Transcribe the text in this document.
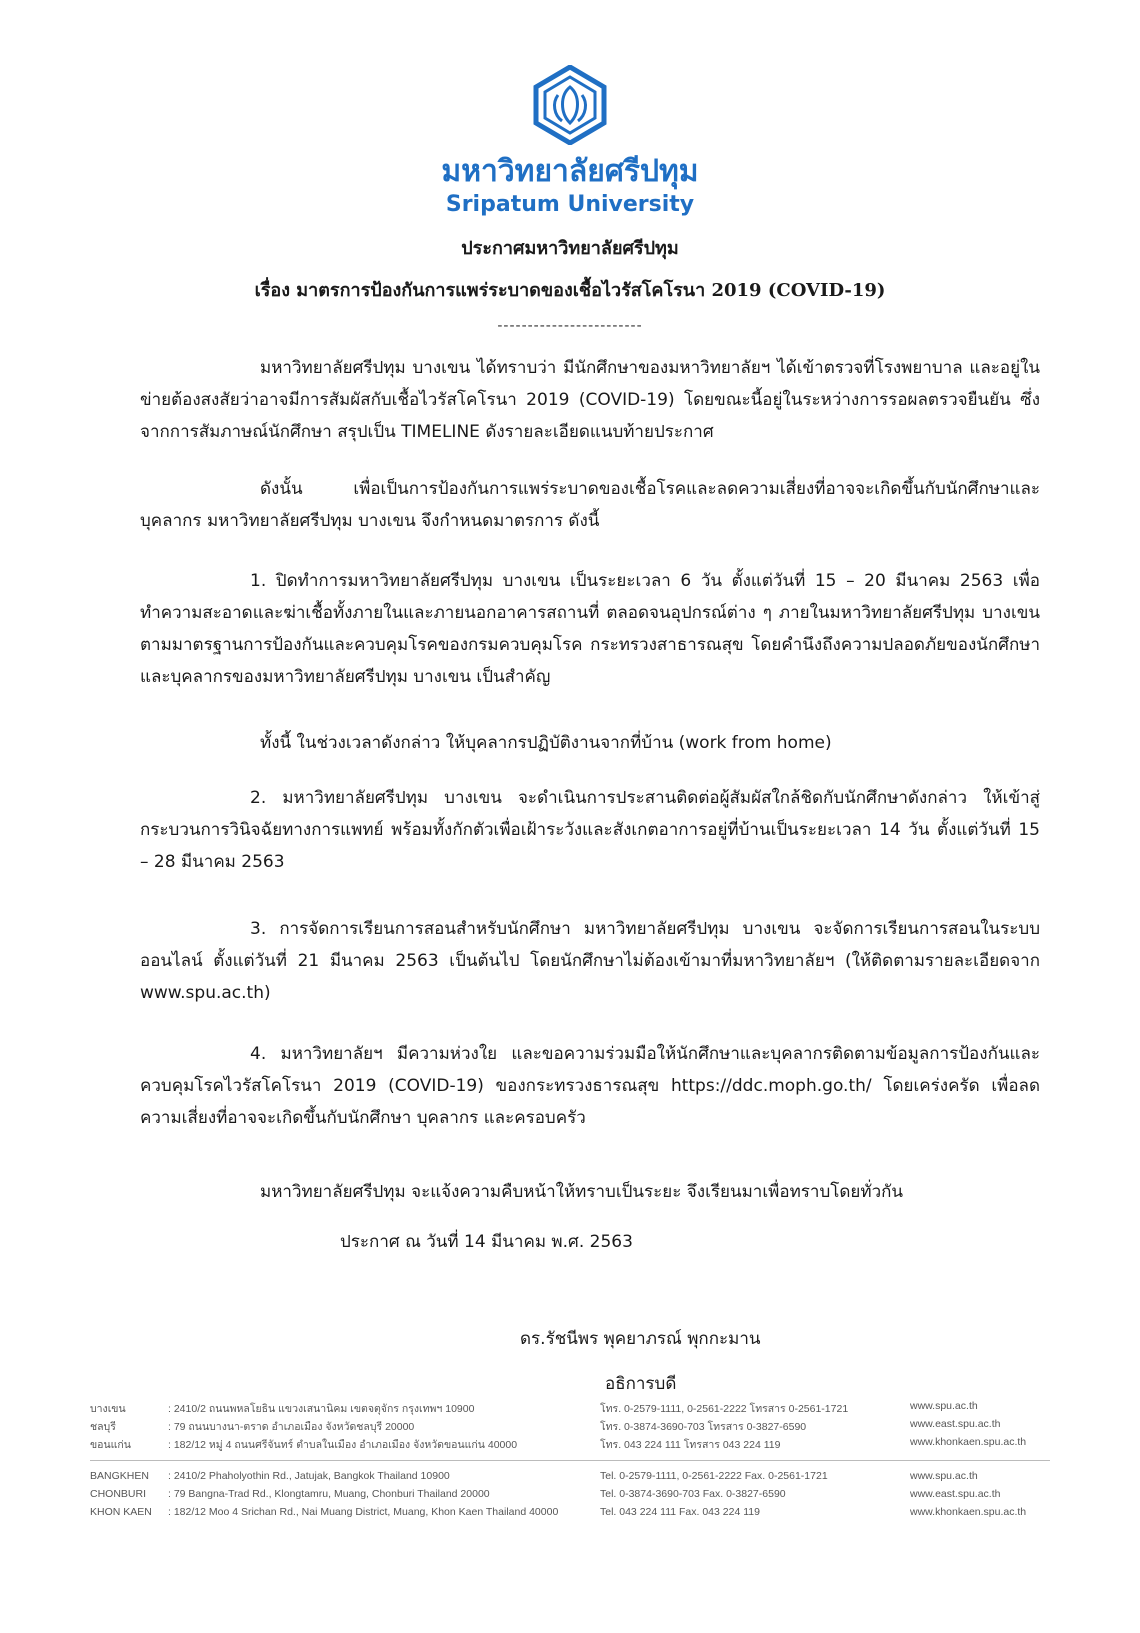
มหาวิทยาลัยศรีปทุม
Sripatum University
ประกาศมหาวิทยาลัยศรีปทุม
เรื่อง มาตรการป้องกันการแพร่ระบาดของเชื้อไวรัสโคโรนา 2019 (COVID-19)
------------------------
มหาวิทยาลัยศรีปทุม บางเขน ได้ทราบว่า มีนักศึกษาของมหาวิทยาลัยฯ ได้เข้าตรวจที่โรงพยาบาล และอยู่ในข่ายต้องสงสัยว่าอาจมีการสัมผัสกับเชื้อไวรัสโคโรนา 2019 (COVID-19) โดยขณะนี้อยู่ในระหว่างการรอผลตรวจยืนยัน ซึ่งจากการสัมภาษณ์นักศึกษา สรุปเป็น TIMELINE ดังรายละเอียดแนบท้ายประกาศ
ดังนั้น เพื่อเป็นการป้องกันการแพร่ระบาดของเชื้อโรคและลดความเสี่ยงที่อาจจะเกิดขึ้นกับนักศึกษาและบุคลากร มหาวิทยาลัยศรีปทุม บางเขน จึงกำหนดมาตรการ ดังนี้
1. ปิดทำการมหาวิทยาลัยศรีปทุม บางเขน เป็นระยะเวลา 6 วัน ตั้งแต่วันที่ 15 – 20 มีนาคม 2563 เพื่อทำความสะอาดและฆ่าเชื้อทั้งภายในและภายนอกอาคารสถานที่ ตลอดจนอุปกรณ์ต่าง ๆ ภายในมหาวิทยาลัยศรีปทุม บางเขน ตามมาตรฐานการป้องกันและควบคุมโรคของกรมควบคุมโรค กระทรวงสาธารณสุข โดยคำนึงถึงความปลอดภัยของนักศึกษาและบุคลากรของมหาวิทยาลัยศรีปทุม บางเขน เป็นสำคัญ
ทั้งนี้ ในช่วงเวลาดังกล่าว ให้บุคลากรปฏิบัติงานจากที่บ้าน (work from home)
2. มหาวิทยาลัยศรีปทุม บางเขน จะดำเนินการประสานติดต่อผู้สัมผัสใกล้ชิดกับนักศึกษาดังกล่าว ให้เข้าสู่กระบวนการวินิจฉัยทางการแพทย์ พร้อมทั้งกักตัวเพื่อเฝ้าระวังและสังเกตอาการอยู่ที่บ้านเป็นระยะเวลา 14 วัน ตั้งแต่วันที่ 15 – 28 มีนาคม 2563
3. การจัดการเรียนการสอนสำหรับนักศึกษา มหาวิทยาลัยศรีปทุม บางเขน จะจัดการเรียนการสอนในระบบออนไลน์ ตั้งแต่วันที่ 21 มีนาคม 2563 เป็นต้นไป โดยนักศึกษาไม่ต้องเข้ามาที่มหาวิทยาลัยฯ (ให้ติดตามรายละเอียดจาก www.spu.ac.th)
4. มหาวิทยาลัยฯ มีความห่วงใย และขอความร่วมมือให้นักศึกษาและบุคลากรติดตามข้อมูลการป้องกันและควบคุมโรคไวรัสโคโรนา 2019 (COVID-19) ของกระทรวงธารณสุข https://ddc.moph.go.th/ โดยเคร่งครัด เพื่อลดความเสี่ยงที่อาจจะเกิดขึ้นกับนักศึกษา บุคลากร และครอบครัว
มหาวิทยาลัยศรีปทุม จะแจ้งความคืบหน้าให้ทราบเป็นระยะ จึงเรียนมาเพื่อทราบโดยทั่วกัน
ประกาศ ณ วันที่ 14 มีนาคม พ.ศ. 2563
ดร.รัชนีพร พุคยาภรณ์ พุกกะมาน
อธิการบดี
บางเขน	: 2410/2 ถนนพหลโยธิน แขวงเสนานิคม เขตจตุจักร กรุงเทพฯ 10900	โทร. 0-2579-1111, 0-2561-2222 โทรสาร 0-2561-1721	www.spu.ac.th
ชลบุรี	: 79 ถนนบางนา-ตราด อำเภอเมือง จังหวัดชลบุรี 20000	โทร. 0-3874-3690-703 โทรสาร 0-3827-6590	www.east.spu.ac.th
ขอนแก่น	: 182/12 หมู่ 4 ถนนศรีจันทร์ ตำบลในเมือง อำเภอเมือง จังหวัดขอนแก่น 40000	โทร. 043 224 111 โทรสาร 043 224 119	www.khonkaen.spu.ac.th
BANGKHEN	: 2410/2 Phaholyothin Rd., Jatujak, Bangkok Thailand 10900	Tel. 0-2579-1111, 0-2561-2222 Fax. 0-2561-1721	www.spu.ac.th
CHONBURI	: 79 Bangna-Trad Rd., Klongtamru, Muang, Chonburi Thailand 20000	Tel. 0-3874-3690-703 Fax. 0-3827-6590	www.east.spu.ac.th
KHON KAEN	: 182/12 Moo 4 Srichan Rd., Nai Muang District, Muang, Khon Kaen Thailand 40000	Tel. 043 224 111 Fax. 043 224 119	www.khonkaen.spu.ac.th
